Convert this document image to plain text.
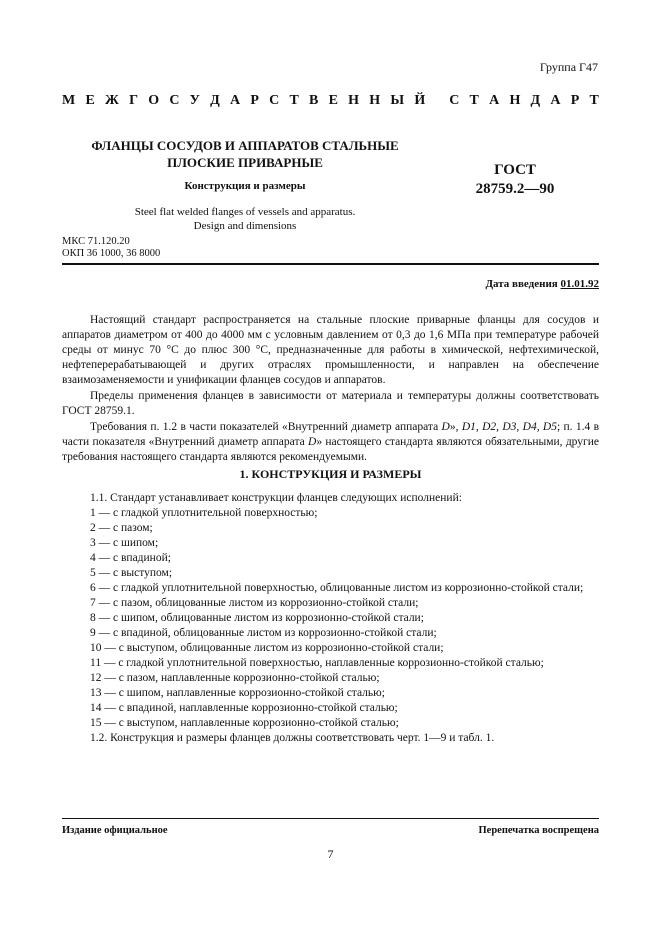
Группа Г47
М Е Ж Г О С У Д А Р С Т В Е Н Н Ы Й
С Т А Н Д А Р Т
ФЛАНЦЫ СОСУДОВ И АППАРАТОВ СТАЛЬНЫЕ
ПЛОСКИЕ ПРИВАРНЫЕ
Конструкция и размеры
Steel flat welded flanges of vessels and apparatus.
Design and dimensions
ГОСТ
28759.2—90
МКС 71.120.20
ОКП 36 1000, 36 8000
Дата введения 01.01.92
Настоящий стандарт распространяется на стальные плоские приварные фланцы для сосудов и аппаратов диаметром от 400 до 4000 мм с условным давлением от 0,3 до 1,6 МПа при температуре рабочей среды от минус 70 °С до плюс 300 °С, предназначенные для работы в химической, нефтехимической, нефтеперерабатывающей и других отраслях промышленности, и направлен на обеспечение взаимозаменяемости и унификации фланцев сосудов и аппаратов.
Пределы применения фланцев в зависимости от материала и температуры должны соответствовать ГОСТ 28759.1.
Требования п. 1.2 в части показателей «Внутренний диаметр аппарата D», D1, D2, D3, D4, D5; п. 1.4 в части показателя «Внутренний диаметр аппарата D» настоящего стандарта являются обязательными, другие требования настоящего стандарта являются рекомендуемыми.
1. КОНСТРУКЦИЯ И РАЗМЕРЫ
1.1. Стандарт устанавливает конструкции фланцев следующих исполнений:
1 — с гладкой уплотнительной поверхностью;
2 — с пазом;
3 — с шипом;
4 — с впадиной;
5 — с выступом;
6 — с гладкой уплотнительной поверхностью, облицованные листом из коррозионно-стойкой стали;
7 — с пазом, облицованные листом из коррозионно-стойкой стали;
8 — с шипом, облицованные листом из коррозионно-стойкой стали;
9 — с впадиной, облицованные листом из коррозионно-стойкой стали;
10 — с выступом, облицованные листом из коррозионно-стойкой стали;
11 — с гладкой уплотнительной поверхностью, наплавленные коррозионно-стойкой сталью;
12 — с пазом, наплавленные коррозионно-стойкой сталью;
13 — с шипом, наплавленные коррозионно-стойкой сталью;
14 — с впадиной, наплавленные коррозионно-стойкой сталью;
15 — с выступом, наплавленные коррозионно-стойкой сталью;
1.2. Конструкция и размеры фланцев должны соответствовать черт. 1—9 и табл. 1.
Издание официальное	Перепечатка воспрещена
7
